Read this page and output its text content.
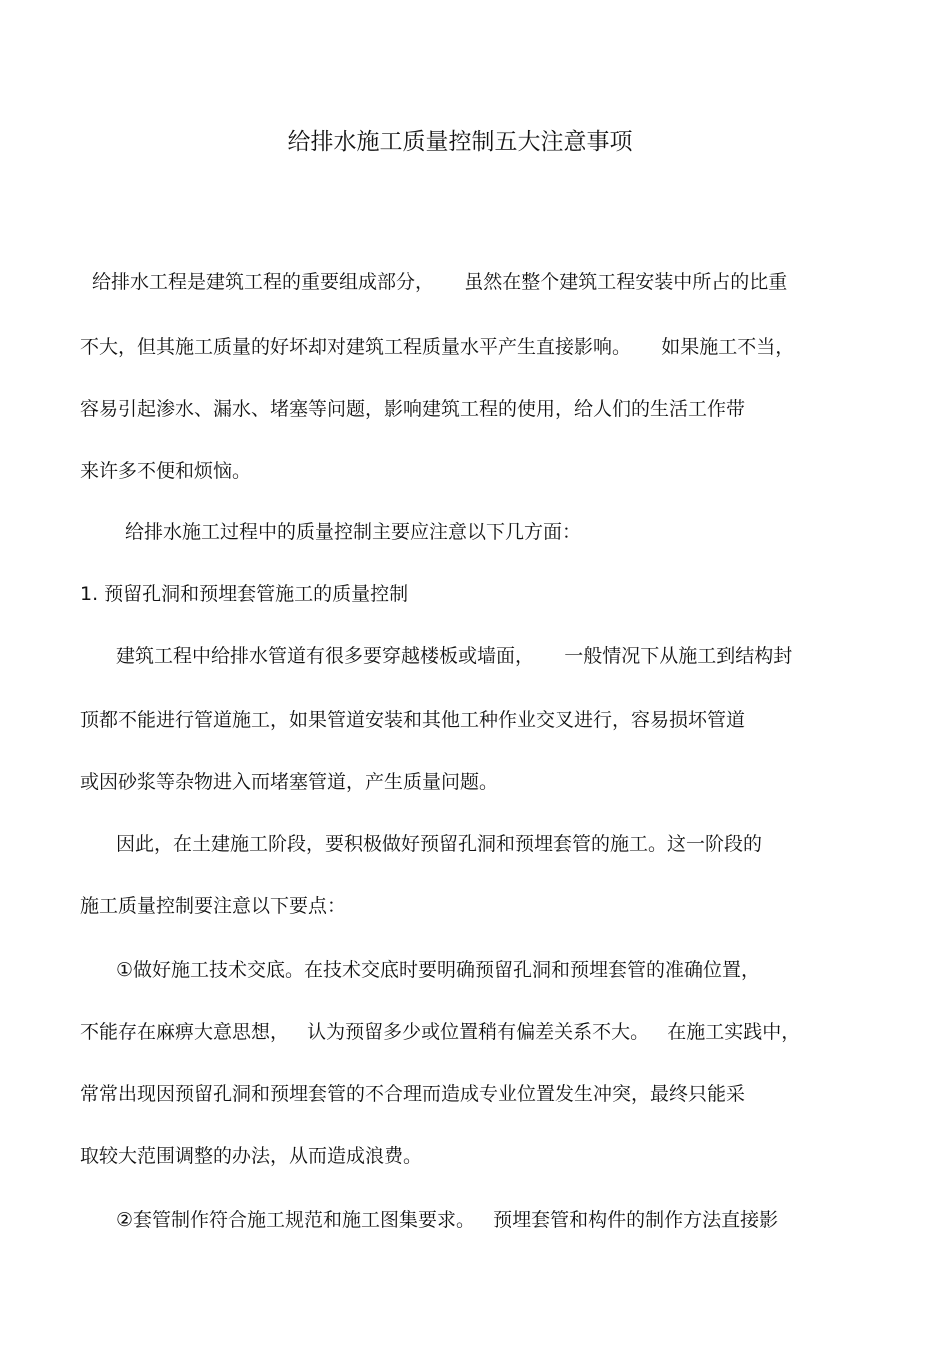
给排水施工质量控制五大注意事项
给排水工程是建筑工程的重要组成部分，     虽然在整个建筑工程安装中所占的比重
不大，但其施工质量的好坏却对建筑工程质量水平产生直接影响。     如果施工不当，
容易引起渗水、漏水、堵塞等问题，影响建筑工程的使用，给人们的生活工作带
来许多不便和烦恼。
给排水施工过程中的质量控制主要应注意以下几方面：
1. 预留孔洞和预埋套管施工的质量控制
建筑工程中给排水管道有很多要穿越楼板或墙面，     一般情况下从施工到结构封
顶都不能进行管道施工，如果管道安装和其他工种作业交叉进行，容易损坏管道
或因砂浆等杂物进入而堵塞管道，产生质量问题。
因此，在土建施工阶段，要积极做好预留孔洞和预埋套管的施工。这一阶段的
施工质量控制要注意以下要点：
①做好施工技术交底。在技术交底时要明确预留孔洞和预埋套管的准确位置，
不能存在麻痹大意思想，   认为预留多少或位置稍有偏差关系不大。   在施工实践中，
常常出现因预留孔洞和预埋套管的不合理而造成专业位置发生冲突，最终只能采
取较大范围调整的办法，从而造成浪费。
②套管制作符合施工规范和施工图集要求。   预埋套管和构件的制作方法直接影
